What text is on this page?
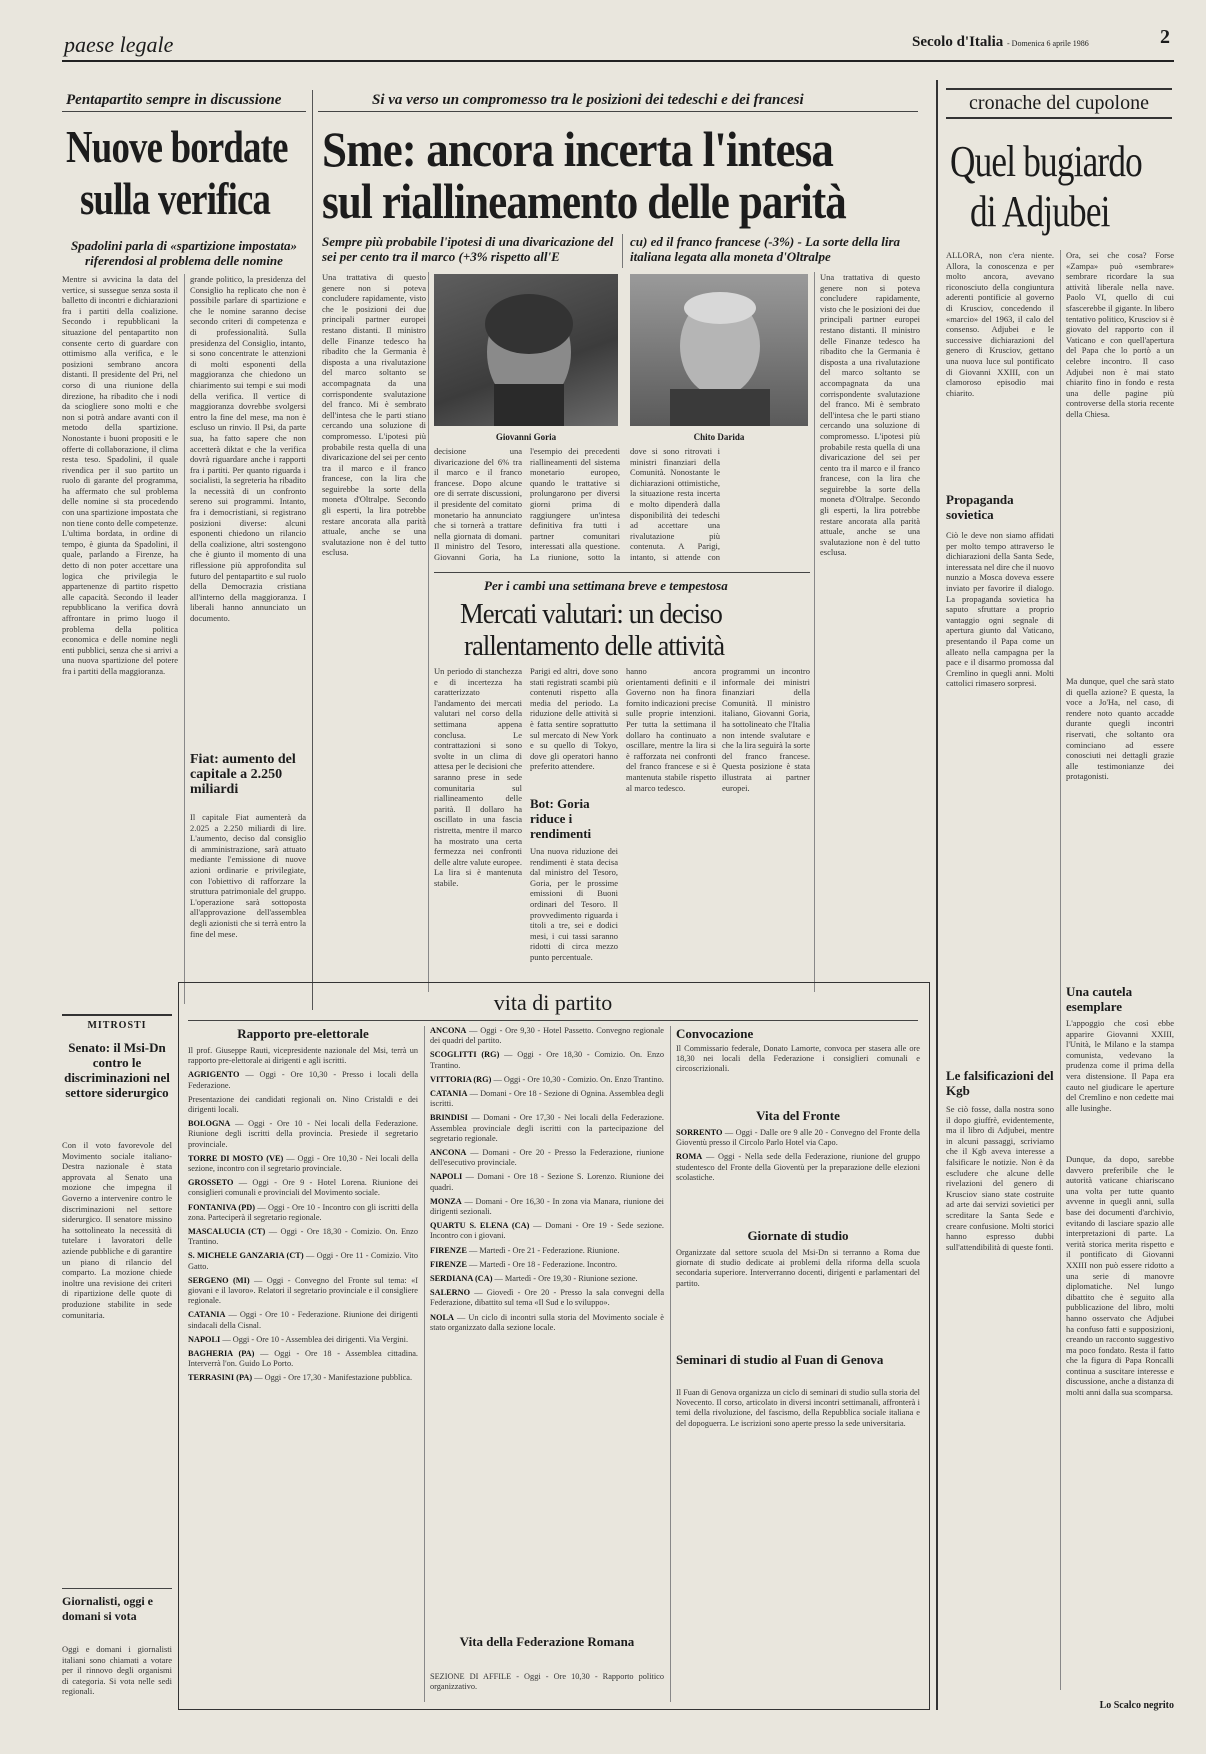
paese legale	Secolo d'Italia - Domenica 6 aprile 1986	2
Pentapartito sempre in discussione
Nuove bordate
sulla verifica
Spadolini parla di «spartizione impostata» riferendosi al problema delle nomine
Mentre si avvicina la data del vertice, si sussegue senza sosta il balletto di incontri e dichiarazioni fra i partiti della coalizione. Secondo i repubblicani la situazione del pentapartito non consente certo di guardare con ottimismo alla verifica, e le posizioni sembrano ancora distanti. Il presidente del Pri, nel corso di una riunione della direzione, ha ribadito che i nodi da sciogliere sono molti e che non si potrà andare avanti con il metodo della spartizione. Nonostante i buoni propositi e le offerte di collaborazione, il clima resta teso. Spadolini, il quale rivendica per il suo partito un ruolo di garante del programma, ha affermato che sul problema delle nomine si sta procedendo con una spartizione impostata che non tiene conto delle competenze. L'ultima bordata, in ordine di tempo, è giunta da Spadolini, il quale, parlando a Firenze, ha detto di non poter accettare una logica che privilegia le appartenenze di partito rispetto alle capacità. Secondo il leader repubblicano la verifica dovrà affrontare in primo luogo il problema della politica economica e delle nomine negli enti pubblici, senza che si arrivi a una nuova spartizione del potere fra i partiti della maggioranza.
grande politico, la presidenza del Consiglio ha replicato che non è possibile parlare di spartizione e che le nomine saranno decise secondo criteri di competenza e di professionalità. Sulla presidenza del Consiglio, intanto, si sono concentrate le attenzioni di molti esponenti della maggioranza che chiedono un chiarimento sui tempi e sui modi della verifica. Il vertice di maggioranza dovrebbe svolgersi entro la fine del mese, ma non è escluso un rinvio. Il Psi, da parte sua, ha fatto sapere che non accetterà diktat e che la verifica dovrà riguardare anche i rapporti fra i partiti. Per quanto riguarda i socialisti, la segreteria ha ribadito la necessità di un confronto sereno sui programmi. Intanto, fra i democristiani, si registrano posizioni diverse: alcuni esponenti chiedono un rilancio della coalizione, altri sostengono che è giunto il momento di una riflessione più approfondita sul futuro del pentapartito e sul ruolo della Democrazia cristiana all'interno della maggioranza. I liberali hanno annunciato un documento.
Fiat: aumento del capitale a 2.250 miliardi
Il capitale Fiat aumenterà da 2.025 a 2.250 miliardi di lire. L'aumento, deciso dal consiglio di amministrazione, sarà attuato mediante l'emissione di nuove azioni ordinarie e privilegiate, con l'obiettivo di rafforzare la struttura patrimoniale del gruppo. L'operazione sarà sottoposta all'approvazione dell'assemblea degli azionisti che si terrà entro la fine del mese.
Si va verso un compromesso tra le posizioni dei tedeschi e dei francesi
Sme: ancora incerta l'intesa
sul riallineamento delle parità
Sempre più probabile l'ipotesi di una divaricazione del sei per cento tra il marco (+3% rispetto all'E
cu) ed il franco francese (-3%) - La sorte della lira italiana legata alla moneta d'Oltralpe
Una trattativa di questo genere non si poteva concludere rapidamente, visto che le posizioni dei due principali partner europei restano distanti. Il ministro delle Finanze tedesco ha ribadito che la Germania è disposta a una rivalutazione del marco soltanto se accompagnata da una corrispondente svalutazione del franco. Mi è sembrato dell'intesa che le parti stiano cercando una soluzione di compromesso. L'ipotesi più probabile resta quella di una divaricazione del sei per cento tra il marco e il franco francese, con la lira che seguirebbe la sorte della moneta d'Oltralpe. Secondo gli esperti, la lira potrebbe restare ancorata alla parità attuale, anche se una svalutazione non è del tutto esclusa.
Giovanni Goria	Chito Darida
decisione una divaricazione del 6% tra il marco e il franco francese. Dopo alcune ore di serrate discussioni, il presidente del comitato monetario ha annunciato che si tornerà a trattare nella giornata di domani. Il ministro del Tesoro, Giovanni Goria, ha
l'esempio dei precedenti riallineamenti del sistema monetario europeo, quando le trattative si prolungarono per diversi giorni prima di raggiungere un'intesa definitiva fra tutti i partner comunitari interessati alla questione. La riunione, sotto la
dove si sono ritrovati i ministri finanziari della Comunità. Nonostante le dichiarazioni ottimistiche, la situazione resta incerta e molto dipenderà dalla disponibilità dei tedeschi ad accettare una rivalutazione più contenuta. A Parigi, intanto, si attende con
Una trattativa di questo genere non si poteva concludere rapidamente, visto che le posizioni dei due principali partner europei restano distanti. Il ministro delle Finanze tedesco ha ribadito che la Germania è disposta a una rivalutazione del marco soltanto se accompagnata da una corrispondente svalutazione del franco. Mi è sembrato dell'intesa che le parti stiano cercando una soluzione di compromesso. L'ipotesi più probabile resta quella di una divaricazione del sei per cento tra il marco e il franco francese, con la lira che seguirebbe la sorte della moneta d'Oltralpe. Secondo gli esperti, la lira potrebbe restare ancorata alla parità attuale, anche se una svalutazione non è del tutto esclusa.
Per i cambi una settimana breve e tempestosa
Mercati valutari: un deciso
rallentamento delle attività
Un periodo di stanchezza e di incertezza ha caratterizzato l'andamento dei mercati valutari nel corso della settimana appena conclusa. Le contrattazioni si sono svolte in un clima di attesa per le decisioni che saranno prese in sede comunitaria sul riallineamento delle parità. Il dollaro ha oscillato in una fascia ristretta, mentre il marco ha mostrato una certa fermezza nei confronti delle altre valute europee. La lira si è mantenuta stabile.
Parigi ed altri, dove sono stati registrati scambi più contenuti rispetto alla media del periodo. La riduzione delle attività si è fatta sentire soprattutto sul mercato di New York e su quello di Tokyo, dove gli operatori hanno preferito attendere.
Bot: Goria riduce i rendimenti
Una nuova riduzione dei rendimenti è stata decisa dal ministro del Tesoro, Goria, per le prossime emissioni di Buoni ordinari del Tesoro. Il provvedimento riguarda i titoli a tre, sei e dodici mesi, i cui tassi saranno ridotti di circa mezzo punto percentuale.
hanno ancora orientamenti definiti e il Governo non ha finora fornito indicazioni precise sulle proprie intenzioni. Per tutta la settimana il dollaro ha continuato a oscillare, mentre la lira si è rafforzata nei confronti del franco francese e si è mantenuta stabile rispetto al marco tedesco.
programmi un incontro informale dei ministri finanziari della Comunità. Il ministro italiano, Giovanni Goria, ha sottolineato che l'Italia non intende svalutare e che la lira seguirà la sorte del franco francese. Questa posizione è stata illustrata ai partner europei.
cronache del cupolone
Quel bugiardo
di Adjubei
ALLORA, non c'era niente. Allora, la conoscenza e per molto ancora, avevano riconosciuto della congiuntura aderenti pontificie al governo di Krusciov, concedendo il «marcio» del 1963, il calo del consenso. Adjubei e le successive dichiarazioni del genero di Krusciov, gettano una nuova luce sul pontificato di Giovanni XXIII, con un clamoroso episodio mai chiarito.
Ora, sei che cosa? Forse «Zampa» può «sembrare» sembrare ricordare la sua attività liberale nella nave. Paolo VI, quello di cui sfascerebbe il gigante. In libero tentativo politico, Krusciov si è giovato del rapporto con il Vaticano e con quell'apertura del Papa che lo portò a un celebre incontro. Il caso Adjubei non è mai stato chiarito fino in fondo e resta una delle pagine più controverse della storia recente della Chiesa.
Propaganda sovietica
Ciò le deve non siamo affidati per molto tempo attraverso le dichiarazioni della Santa Sede, interessata nel dire che il nuovo nunzio a Mosca doveva essere inviato per favorire il dialogo. La propaganda sovietica ha saputo sfruttare a proprio vantaggio ogni segnale di apertura giunto dal Vaticano, presentando il Papa come un alleato nella campagna per la pace e il disarmo promossa dal Cremlino in quegli anni. Molti cattolici rimasero sorpresi.	Ma dunque, quel che sarà stato di quella azione? E questa, la voce a Jo'Ha, nel caso, di rendere noto quanto accadde durante quegli incontri riservati, che soltanto ora cominciano ad essere conosciuti nei dettagli grazie alle testimonianze dei protagonisti.
Le falsificazioni del Kgb
Se ciò fosse, dalla nostra sono il dopo giuffrè, evidentemente, ma il libro di Adjubei, mentre in alcuni passaggi, scriviamo che il Kgb aveva interesse a falsificare le notizie. Non è da escludere che alcune delle rivelazioni del genero di Krusciov siano state costruite ad arte dai servizi sovietici per screditare la Santa Sede e creare confusione. Molti storici hanno espresso dubbi sull'attendibilità di queste fonti.
Una cautela esemplare
L'appoggio che così ebbe apparire Giovanni XXIII, l'Unità, le Milano e la stampa comunista, vedevano la prudenza come il prima della vera distensione. Il Papa era cauto nel giudicare le aperture del Cremlino e non cedette mai alle lusinghe.
Dunque, da dopo, sarebbe davvero preferibile che le autorità vaticane chiariscano una volta per tutte quanto avvenne in quegli anni, sulla base dei documenti d'archivio, evitando di lasciare spazio alle interpretazioni di parte. La verità storica merita rispetto e il pontificato di Giovanni XXIII non può essere ridotto a una serie di manovre diplomatiche. Nel lungo dibattito che è seguito alla pubblicazione del libro, molti hanno osservato che Adjubei ha confuso fatti e supposizioni, creando un racconto suggestivo ma poco fondato. Resta il fatto che la figura di Papa Roncalli continua a suscitare interesse e discussione, anche a distanza di molti anni dalla sua scomparsa.
Lo Scalco negrito
MITROSTI
Senato: il Msi-Dn contro le discriminazioni nel settore siderurgico
Con il voto favorevole del Movimento sociale italiano-Destra nazionale è stata approvata al Senato una mozione che impegna il Governo a intervenire contro le discriminazioni nel settore siderurgico. Il senatore missino ha sottolineato la necessità di tutelare i lavoratori delle aziende pubbliche e di garantire un piano di rilancio del comparto. La mozione chiede inoltre una revisione dei criteri di ripartizione delle quote di produzione stabilite in sede comunitaria.
Giornalisti, oggi e domani si vota
Oggi e domani i giornalisti italiani sono chiamati a votare per il rinnovo degli organismi di categoria. Si vota nelle sedi regionali.
vita di partito
Rapporto pre-elettorale

Il prof. Giuseppe Rauti, vicepresidente nazionale del Msi, terrà un rapporto pre-elettorale ai dirigenti e agli iscritti.

AGRIGENTO — Oggi - Ore 10,30 - Presso i locali della Federazione.

Presentazione dei candidati regionali on. Nino Cristaldi e dei dirigenti locali.

BOLOGNA — Oggi - Ore 10 - Nei locali della Federazione. Riunione degli iscritti della provincia. Presiede il segretario provinciale.

TORRE DI MOSTO (VE) — Oggi - Ore 10,30 - Nei locali della sezione, incontro con il segretario provinciale.

GROSSETO — Oggi - Ore 9 - Hotel Lorena. Riunione dei consiglieri comunali e provinciali del Movimento sociale.

FONTANIVA (PD) — Oggi - Ore 10 - Incontro con gli iscritti della zona. Parteciperà il segretario regionale.

MASCALUCIA (CT) — Oggi - Ore 18,30 - Comizio. On. Enzo Trantino.

S. MICHELE GANZARIA (CT) — Oggi - Ore 11 - Comizio. Vito Gatto.

SERGENO (MI) — Oggi - Convegno del Fronte sul tema: «I giovani e il lavoro». Relatori il segretario provinciale e il consigliere regionale.

CATANIA — Oggi - Ore 10 - Federazione. Riunione dei dirigenti sindacali della Cisnal.

NAPOLI — Oggi - Ore 10 - Assemblea dei dirigenti. Via Vergini.

BAGHERIA (PA) — Oggi - Ore 18 - Assemblea cittadina. Interverrà l'on. Guido Lo Porto.

TERRASINI (PA) — Oggi - Ore 17,30 - Manifestazione pubblica.

ANCONA — Oggi - Ore 9,30 - Hotel Passetto. Convegno regionale dei quadri del partito.

SCOGLITTI (RG) — Oggi - Ore 18,30 - Comizio. On. Enzo Trantino.

VITTORIA (RG) — Oggi - Ore 10,30 - Comizio. On. Enzo Trantino.

CATANIA — Domani - Ore 18 - Sezione di Ognina. Assemblea degli iscritti.

BRINDISI — Domani - Ore 17,30 - Nei locali della Federazione. Assemblea provinciale degli iscritti con la partecipazione del segretario regionale.

ANCONA — Domani - Ore 20 - Presso la Federazione, riunione dell'esecutivo provinciale.

NAPOLI — Domani - Ore 18 - Sezione S. Lorenzo. Riunione dei quadri.

MONZA — Domani - Ore 16,30 - In zona via Manara, riunione dei dirigenti sezionali.

QUARTU S. ELENA (CA) — Domani - Ore 19 - Sede sezione. Incontro con i giovani.

FIRENZE — Martedì - Ore 21 - Federazione. Riunione.

FIRENZE — Martedì - Ore 18 - Federazione. Incontro.

SERDIANA (CA) — Martedì - Ore 19,30 - Riunione sezione.

SALERNO — Giovedì - Ore 20 - Presso la sala convegni della Federazione, dibattito sul tema «Il Sud e lo sviluppo».

NOLA — Un ciclo di incontri sulla storia del Movimento sociale è stato organizzato dalla sezione locale.

Vita della Federazione Romana
SEZIONE DI AFFILE - Oggi - Ore 10,30 - Rapporto politico organizzativo.
Convocazione
Il Commissario federale, Donato Lamorte, convoca per stasera alle ore 18,30 nei locali della Federazione i consiglieri comunali e circoscrizionali.
Vita del Fronte

SORRENTO — Oggi - Dalle ore 9 alle 20 - Convegno del Fronte della Gioventù presso il Circolo Parlo Hotel via Capo.

ROMA — Oggi - Nella sede della Federazione, riunione del gruppo studentesco del Fronte della Gioventù per la preparazione delle elezioni scolastiche.

Giornate di studio
Organizzate dal settore scuola del Msi-Dn si terranno a Roma due giornate di studio dedicate ai problemi della riforma della scuola secondaria superiore. Interverranno docenti, dirigenti e parlamentari del partito.
Seminari di studio al Fuan di Genova
Il Fuan di Genova organizza un ciclo di seminari di studio sulla storia del Novecento. Il corso, articolato in diversi incontri settimanali, affronterà i temi della rivoluzione, del fascismo, della Repubblica sociale italiana e del dopoguerra. Le iscrizioni sono aperte presso la sede universitaria.
